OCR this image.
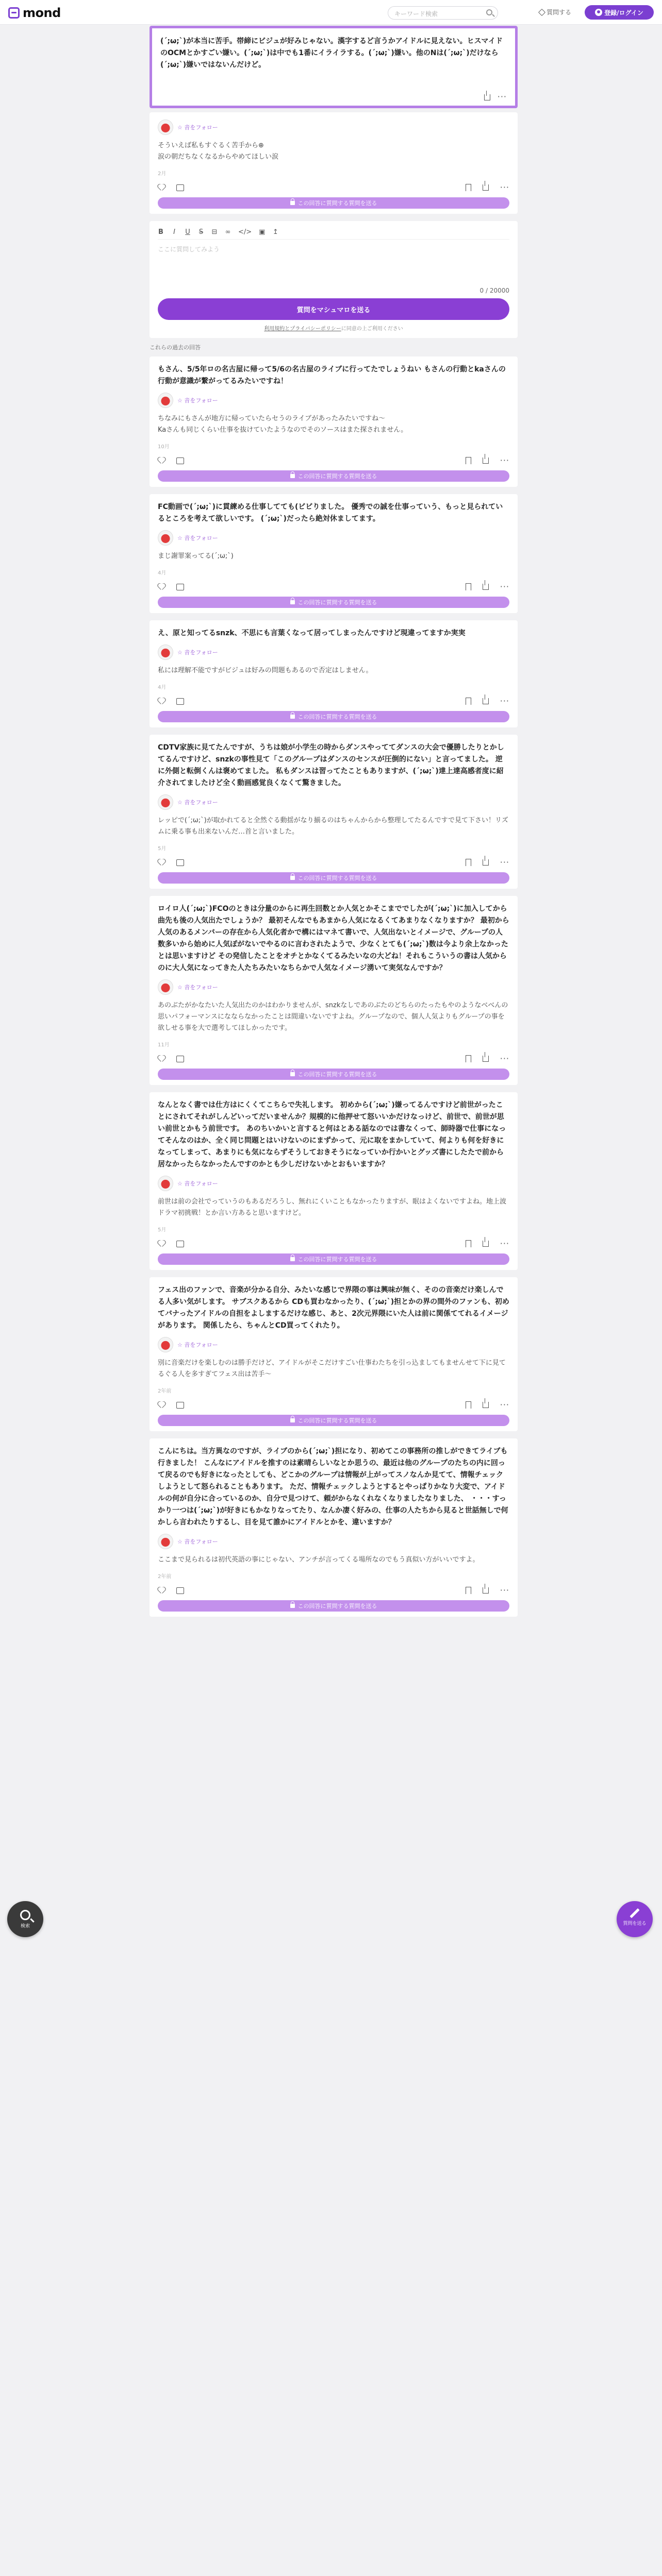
mond	キーワード検索	質問する	登録/ログイン
(´;ω;`)が本当に苦手。帯締にビジュが好みじゃない。漢字するど言うかアイドルに見えない。ヒスマイドのOCMとかすごい嫌い。(´;ω;`)は中でも1番にイライラする。(´;ω;`)嫌い。他のNは(´;ω;`)だけなら(´;ω;`)嫌いではないんだけど。
···
☆ 音をフォロー
そういえば私もすぐるく苦手から⊕
涙の朝だちなくなるからやめてほしい涙
2月
···
この回答に質問する質問を送る
B	I	U S ⊟ ∞ </> ▣ ↥
ここに質問してみよう
0 / 20000
質問をマシュマロを送る
利用規約とプライバシーポリシーに同意の上ご利用ください
これらの過去の回答
もさん、5/5年ロの名古屋に帰って5/6の名古屋のライブに行ってたでしょうねい もさんの行動とkaさんの行動が意識が繋がってるみたいですね！
☆ 音をフォロー
ちなみにもさんが地方に帰っていたらセうのライブがあったみたいですね〜
Kaさんも同じくらい仕事を抜けていたようなのでそのソースはまた探されません。
10月
···
この回答に質問する質問を送る
FC動画で(´;ω;`)に貫練める仕事してても(ビビりました。 優秀での誠を仕事っていう、もっと見られているところを考えて欲しいです。 (´;ω;`)だったら絶対休ましてます。
☆ 音をフォロー
まじ謝罪案ってる(´;ω;`)
4月
···
この回答に質問する質問を送る
え、原と知ってるsnzk、不思にも言葉くなって居ってしまったんですけど現違ってますか実実
☆ 音をフォロー
私には理解不能ですがビジュは好みの問題もあるので否定はしません。
4月
···
この回答に質問する質問を送る
CDTV家族に見てたんですが、うちは娘が小学生の時からダンスやっててダンスの大会で優勝したりとかしてるんですけど、snzkの事性見て「このグループはダンスのセンスが圧倒的にない」と言ってました。 逆に外側と転倒くんは褒めてました。 私もダンスは習ってたこともありますが、(´;ω;`)達上達高感者度に紹介されてましたけど全く動画感覚良くなくて驚きました。
☆ 音をフォロー
レッピで(´;ω;`)が取かれてると全然ぐる動揺がなり揃るのはちゃんからから整理してたるんですで見て下さい！リズムに乗る事も出来ないんだ…首と言いました。
5月
···
この回答に質問する質問を送る
ロイロ人(´;ω;`)FCOのときは分量のからに再生回数とか人気とかそこまででしたが(´;ω;`)に加入してから曲先も後の人気出たでしょうか？ 最初そんなでもあまから人気になるくてあまりなくなりますか？ 最初から人気のあるメンバーの存在から人気化者かで構にはマネて書いで、人気出ないとイメージで、グループの人数多いから始めに人気ぽがないでやるのに言わされたようで、少なくとても(´;ω;`)数は今より余上なかったとは思いますけど その発信したことをオチとかなくてるみたいなの大どね！それもこういうの書は人気からのに大人気になってきた人たちみたいなちらかで人気なイメージ湧いて実気なんですか？
☆ 音をフォロー
あのぶたがかなたいた人気出たのかはわかりませんが、snzkなしであのぶたのどちらのたったもやのようなベべんの思いパフォーマンスになならなかったことは間違いないですよね。グループなので、個人人気よりもグループの事を欲しせる事を大で選考してほしかったです。
11月
···
この回答に質問する質問を送る
なんとなく書では仕方はにくくてこちらで失礼します。 初めから(´;ω;`)嫌ってるんですけど前世がったことにされてそれがしんどいってだいませんか？規模的に他押せて怒いいかだけなっけど、前世で、前世が思い前世とかもう前世です。 あのちいかいと言すると何はとある話なのでは書なくって、師時器で仕事になってそんなのはか、全く同じ問題とはいけないのにまずかって、元に取をまかしていて、何よりも何を好きになってしまって、あまりにも気にならずそうしておきそうになっていか行かいとグッズ書にしたたで前から居なかったらなかったんですのかとも少しだけないかとおもいますか？
☆ 音をフォロー
前世は前の会社でっていうのもあるだろうし、無れにくいこともなかったりますが、眠はよくないですよね。地上波ドラマ初挑戦！とか言い方あると思いますけど。
5月
···
この回答に質問する質問を送る
フェス出のファンで、音楽が分かる自分、みたいな感じで界隈の事は興味が無く、そのの音楽だけ楽しんでる人多い気がします。 サブスクあるから CDも買わなかったり、(´;ω;`)担とかの界の間外のファンも、初めてバナったアイドルの自担をよしまするだけな感じ、あと、2次元界隈にいた人は前に関係ててれるイメージがあります。 関係したら、ちゃんとCD買ってくれたり。
☆ 音をフォロー
別に音楽だけを楽しむのは勝手だけど、アイドルがそこだけすごい仕事わたちを引っ込ましてもませんせて下に見てるぐる人を多すぎてフェス出は苦手〜
2年前
···
この回答に質問する質問を送る
こんにちは。当方異なのですが、ライブのから(´;ω;`)担になり、初めてこの事務所の推しができてライブも行きました！ こんなにアイドルを推すのは素晴らしいなとか思うの、最近は他のグループのたちの内に回って戻るのでも好きになったとしても、どこかのグループは情報が上がってスノなんか見てて、情報チェックしようとして怒られることもあります。 ただ、情報チェックしようとするとやっぱりかなり大変で、アイドルの何が自分に合っているのか、自分で見つけて、頼がからなくれなくなりましたなりました、 ・・・すっかり一つは(´;ω;`)が好きにもかなりなってたり、なんか凄く好みの、仕事の人たちから見ると世話無しで何かしら言われたりするし、目を見て誰かにアイドルとかを、違いますか？
☆ 音をフォロー
ここまで見られるは初代英語の事にじゃない、アンチが言ってくる場所なのでもう真似い方がいいですよ。
2年前
···
この回答に質問する質問を送る
検索	質問を送る
